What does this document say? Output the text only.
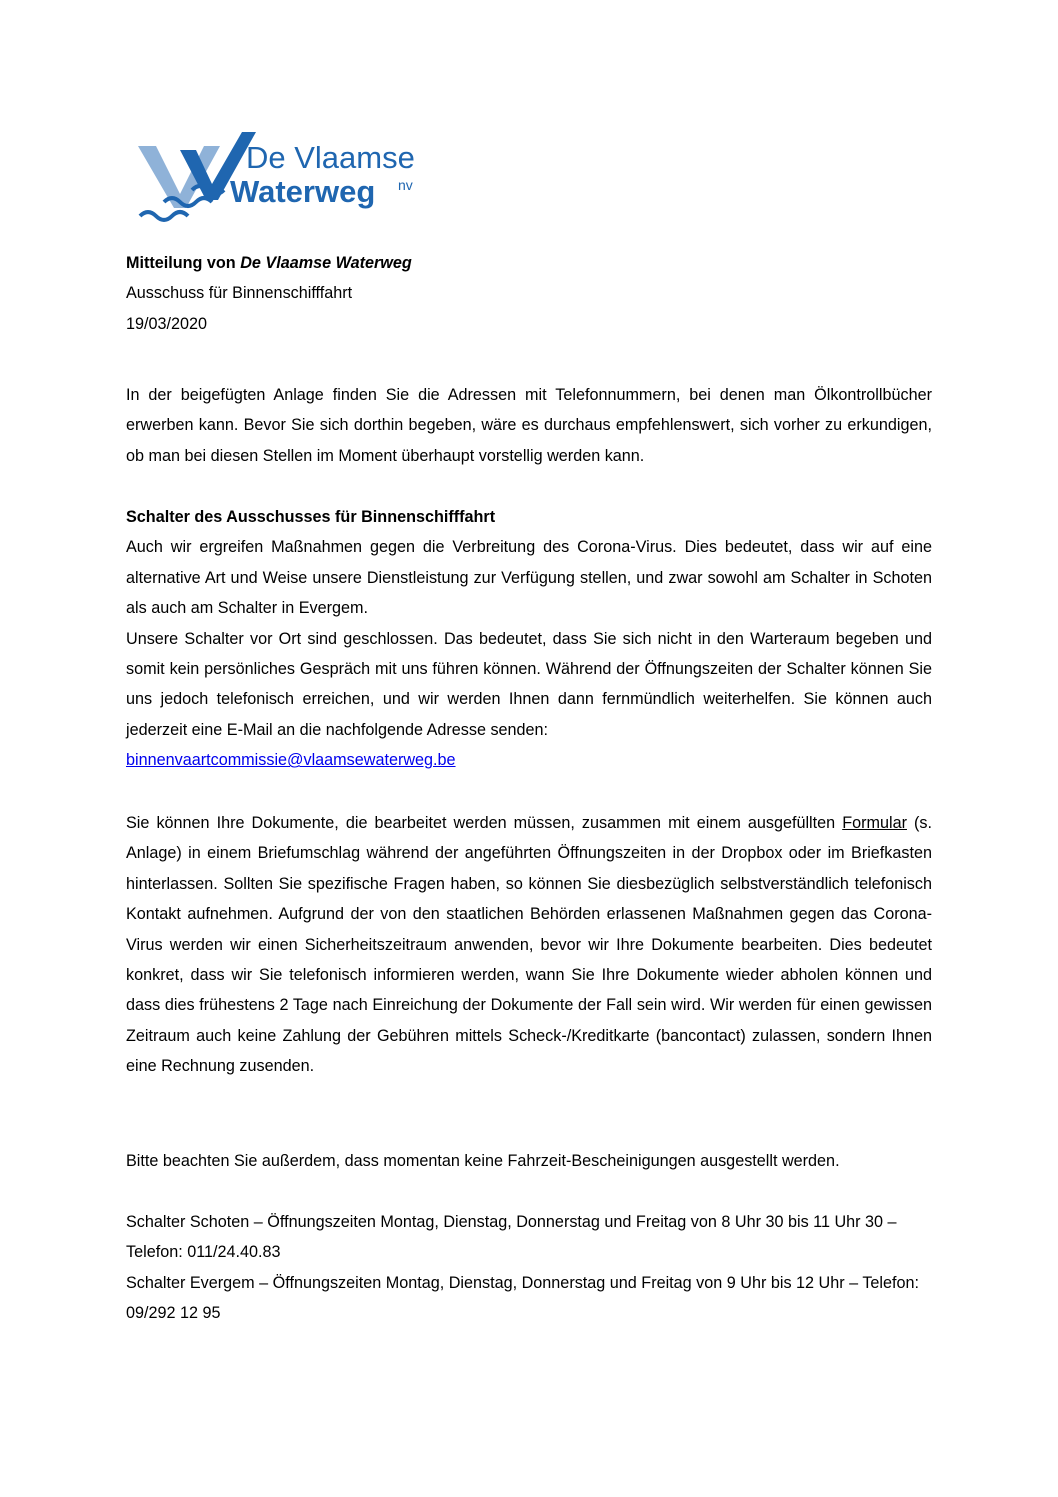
De Vlaamse
Waterweg nv

Mitteilung von De Vlaamse Waterweg

Ausschuss für Binnenschifffahrt

19/03/2020

In der beigefügten Anlage finden Sie die Adressen mit Telefonnummern, bei denen man Ölkontrollbücher erwerben kann. Bevor Sie sich dorthin begeben, wäre es durchaus empfehlenswert, sich vorher zu erkundigen, ob man bei diesen Stellen im Moment überhaupt vorstellig werden kann.

Schalter des Ausschusses für Binnenschifffahrt

Auch wir ergreifen Maßnahmen gegen die Verbreitung des Corona-Virus. Dies bedeutet, dass wir auf eine alternative Art und Weise unsere Dienstleistung zur Verfügung stellen, und zwar sowohl am Schalter in Schoten als auch am Schalter in Evergem.

Unsere Schalter vor Ort sind geschlossen. Das bedeutet, dass Sie sich nicht in den Warteraum begeben und somit kein persönliches Gespräch mit uns führen können. Während der Öffnungszeiten der Schalter können Sie uns jedoch telefonisch erreichen, und wir werden Ihnen dann fernmündlich weiterhelfen. Sie können auch jederzeit eine E-Mail an die nachfolgende Adresse senden:

binnenvaartcommissie@vlaamsewaterweg.be

Sie können Ihre Dokumente, die bearbeitet werden müssen, zusammen mit einem ausgefüllten Formular (s. Anlage) in einem Briefumschlag während der angeführten Öffnungszeiten in der Dropbox oder im Briefkasten hinterlassen. Sollten Sie spezifische Fragen haben, so können Sie diesbezüglich selbstverständlich telefonisch Kontakt aufnehmen. Aufgrund der von den staatlichen Behörden erlassenen Maßnahmen gegen das Corona-Virus werden wir einen Sicherheitszeitraum anwenden, bevor wir Ihre Dokumente bearbeiten. Dies bedeutet konkret, dass wir Sie telefonisch informieren werden, wann Sie Ihre Dokumente wieder abholen können und dass dies frühestens 2 Tage nach Einreichung der Dokumente der Fall sein wird. Wir werden für einen gewissen Zeitraum auch keine Zahlung der Gebühren mittels Scheck-/Kreditkarte (bancontact) zulassen, sondern Ihnen eine Rechnung zusenden.

Bitte beachten Sie außerdem, dass momentan keine Fahrzeit-Bescheinigungen ausgestellt werden.

Schalter Schoten – Öffnungszeiten Montag, Dienstag, Donnerstag und Freitag von 8 Uhr 30 bis 11 Uhr 30 – Telefon: 011/24.40.83

Schalter Evergem – Öffnungszeiten Montag, Dienstag, Donnerstag und Freitag von 9 Uhr bis 12 Uhr – Telefon: 09/292 12 95
